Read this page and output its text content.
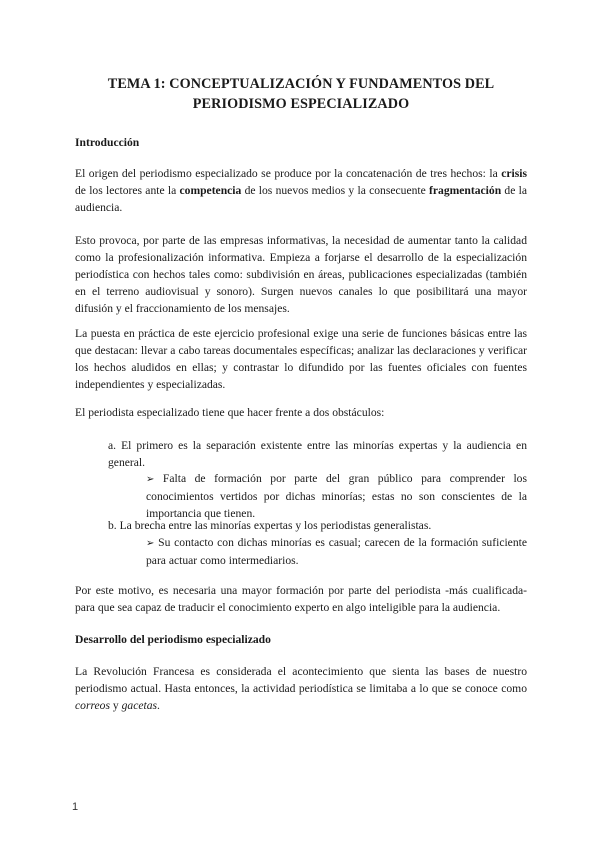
TEMA 1: CONCEPTUALIZACIÓN Y FUNDAMENTOS DEL
PERIODISMO ESPECIALIZADO
Introducción

El origen del periodismo especializado se produce por la concatenación de tres hechos: la crisis de los lectores ante la competencia de los nuevos medios y la consecuente fragmentación de la audiencia.

Esto provoca, por parte de las empresas informativas, la necesidad de aumentar tanto la calidad como la profesionalización informativa. Empieza a forjarse el desarrollo de la especialización periodística con hechos tales como: subdivisión en áreas, publicaciones especializadas (también en el terreno audiovisual y sonoro). Surgen nuevos canales lo que posibilitará una mayor difusión y el fraccionamiento de los mensajes.

La puesta en práctica de este ejercicio profesional exige una serie de funciones básicas entre las que destacan: llevar a cabo tareas documentales específicas; analizar las declaraciones y verificar los hechos aludidos en ellas; y contrastar lo difundido por las fuentes oficiales con fuentes independientes y especializadas.

El periodista especializado tiene que hacer frente a dos obstáculos:

a. El primero es la separación existente entre las minorías expertas y la audiencia en general.

➢ Falta de formación por parte del gran público para comprender los conocimientos vertidos por dichas minorías; estas no son conscientes de la importancia que tienen.

b. La brecha entre las minorías expertas y los periodistas generalistas.

➢ Su contacto con dichas minorías es casual; carecen de la formación suficiente para actuar como intermediarios.

Por este motivo, es necesaria una mayor formación por parte del periodista -más cualificada- para que sea capaz de traducir el conocimiento experto en algo inteligible para la audiencia.

Desarrollo del periodismo especializado

La Revolución Francesa es considerada el acontecimiento que sienta las bases de nuestro periodismo actual. Hasta entonces, la actividad periodística se limitaba a lo que se conoce como correos y gacetas.

1
